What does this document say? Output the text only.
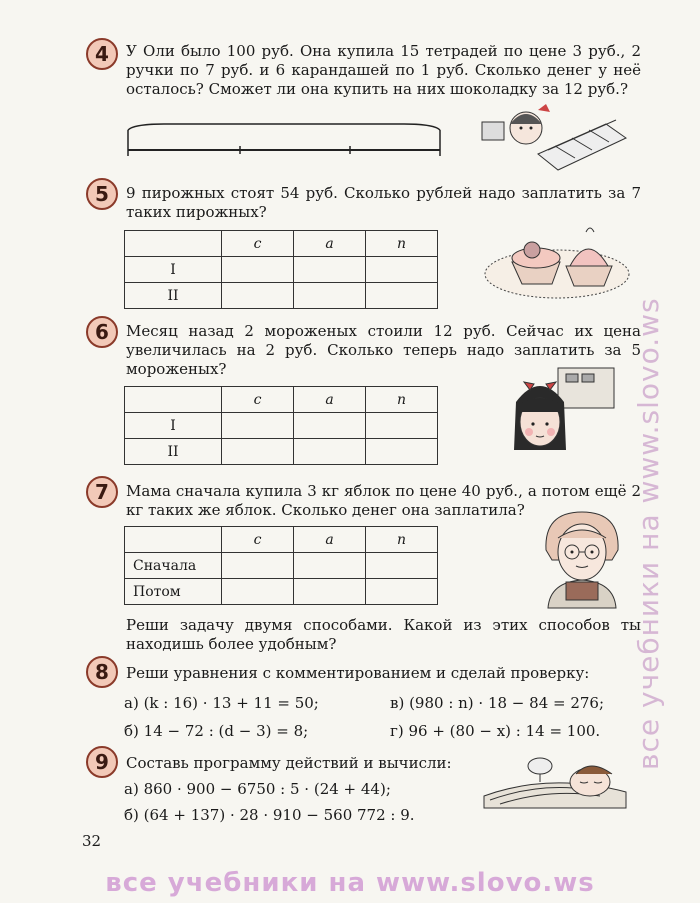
4	У Оли было 100 руб. Она купила 15 тетрадей по цене 3 руб., 2 ручки по 7 руб. и 6 карандашей по 1 руб. Сколько денег у неё осталось? Сможет ли она купить на них шоколадку за 12 руб.?

5	9 пирожных стоят 54 руб. Сколько рублей надо заплатить за 7 таких пирожных?

	c	a	n
I			
II			
6	Месяц назад 2 мороженых стоили 12 руб. Сейчас их цена увеличилась на 2 руб. Сколько теперь надо заплатить за 5 мороженых?

	c	a	n
I			
II			
7	Мама сначала купила 3 кг яблок по цене 40 руб., а потом ещё 2 кг таких же яблок. Сколько денег она заплатила?

	c	a	n
Сначала			
Потом			

Реши задачу двумя способами. Какой из этих способов ты находишь более удобным?

8	Реши уравнения с комментированием и сделай проверку:

а) (k : 16) · 13 + 11 = 50;	в) (980 : n) · 18 − 84 = 276;
б) 14 − 72 : (d − 3) = 8;	г) 96 + (80 − x) : 14 = 100.
9	Составь программу действий и вычисли:

а) 860 · 900 − 6750 : 5 · (24 + 44);
б) (64 + 137) · 28 · 910 − 560 772 : 9.
32
все учебники на www.slovo.ws
все учебники на www.slovo.ws
